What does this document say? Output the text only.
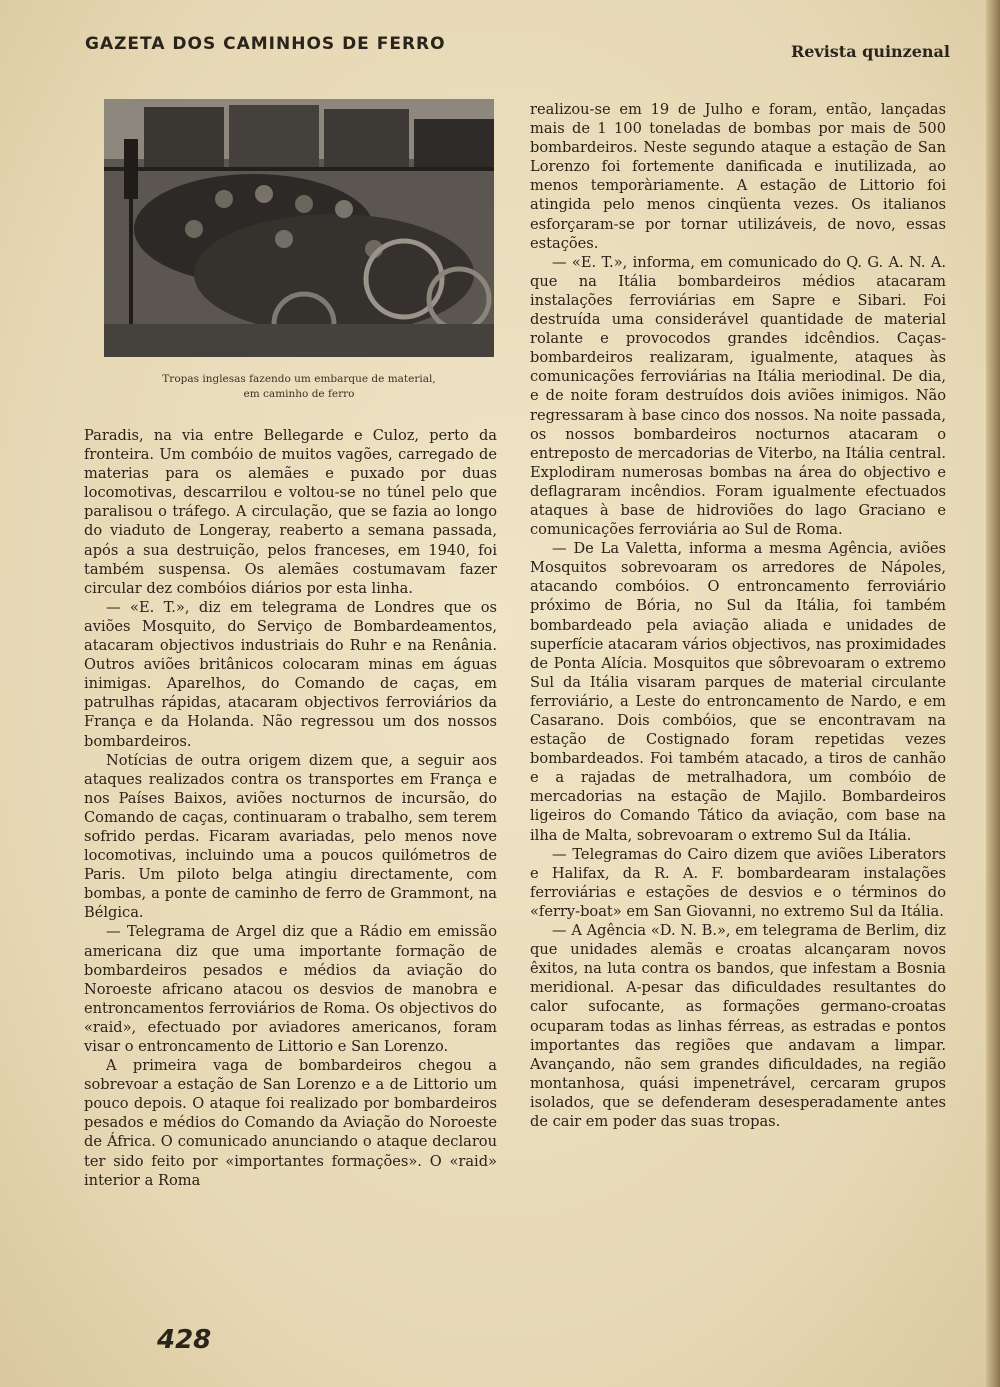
GAZETA DOS CAMINHOS DE FERRO	Revista quinzenal
Tropas inglesas fazendo um embarque de material,
em caminho de ferro

Paradis, na via entre Bellegarde e Culoz, perto da fronteira. Um combóio de muitos vagões, carregado de materias para os alemães e puxado por duas locomotivas, descarrilou e voltou-se no túnel pelo que paralisou o tráfego. A circulação, que se fazia ao longo do viaduto de Longeray, reaberto a semana passada, após a sua destruição, pelos franceses, em 1940, foi também suspensa. Os alemães costumavam fazer circular dez combóios diários por esta linha.

— «E. T.», diz em telegrama de Londres que os aviões Mosquito, do Serviço de Bombardeamentos, atacaram objectivos industriais do Ruhr e na Renânia. Outros aviões britânicos colocaram minas em águas inimigas. Aparelhos, do Comando de caças, em patrulhas rápidas, atacaram objectivos ferroviários da França e da Holanda. Não regressou um dos nossos bombardeiros.

Notícias de outra origem dizem que, a seguir aos ataques realizados contra os transportes em França e nos Países Baixos, aviões nocturnos de incursão, do Comando de caças, continuaram o trabalho, sem terem sofrido perdas. Ficaram avariadas, pelo menos nove locomotivas, incluindo uma a poucos quilómetros de Paris. Um piloto belga atingiu directamente, com bombas, a ponte de caminho de ferro de Grammont, na Bélgica.

— Telegrama de Argel diz que a Rádio em emissão americana diz que uma importante formação de bombardeiros pesados e médios da aviação do Noroeste africano atacou os desvios de manobra e entroncamentos ferroviários de Roma. Os objectivos do «raid», efectuado por aviadores americanos, foram visar o entroncamento de Littorio e San Lorenzo.

A primeira vaga de bombardeiros chegou a sobrevoar a estação de San Lorenzo e a de Littorio um pouco depois. O ataque foi realizado por bombardeiros pesados e médios do Comando da Aviação do Noroeste de África. O comunicado anunciando o ataque declarou ter sido feito por «importantes formações». O «raid» interior a Roma

realizou-se em 19 de Julho e foram, então, lançadas mais de 1 100 toneladas de bombas por mais de 500 bombardeiros. Neste segundo ataque a estação de San Lorenzo foi fortemente danificada e inutilizada, ao menos temporàriamente. A estação de Littorio foi atingida pelo menos cinqüenta vezes. Os italianos esforçaram-se por tornar utilizáveis, de novo, essas estações.

— «E. T.», informa, em comunicado do Q. G. A. N. A. que na Itália bombardeiros médios atacaram instalações ferroviárias em Sapre e Sibari. Foi destruída uma considerável quantidade de material rolante e provocodos grandes idcêndios. Caças-bombardeiros realizaram, igualmente, ataques às comunicações ferroviárias na Itália meriodinal. De dia, e de noite foram destruídos dois aviões inimigos. Não regressaram à base cinco dos nossos. Na noite passada, os nossos bombardeiros nocturnos atacaram o entreposto de mercadorias de Viterbo, na Itália central. Explodiram numerosas bombas na área do objectivo e deflagraram incêndios. Foram igualmente efectuados ataques à base de hidroviões do lago Graciano e comunicações ferroviária ao Sul de Roma.

— De La Valetta, informa a mesma Agência, aviões Mosquitos sobrevoaram os arredores de Nápoles, atacando combóios. O entroncamento ferroviário próximo de Bória, no Sul da Itália, foi também bombardeado pela aviação aliada e unidades de superfície atacaram vários objectivos, nas proximidades de Ponta Alícia. Mosquitos que sôbrevoaram o extremo Sul da Itália visaram parques de material circulante ferroviário, a Leste do entroncamento de Nardo, e em Casarano. Dois combóios, que se encontravam na estação de Costignado foram repetidas vezes bombardeados. Foi também atacado, a tiros de canhão e a rajadas de metralhadora, um combóio de mercadorias na estação de Majilo. Bombardeiros ligeiros do Comando Tático da aviação, com base na ilha de Malta, sobrevoaram o extremo Sul da Itália.

— Telegramas do Cairo dizem que aviões Liberators e Halifax, da R. A. F. bombardearam instalações ferroviárias e estações de desvios e o términos do «ferry-boat» em San Giovanni, no extremo Sul da Itália.

— A Agência «D. N. B.», em telegrama de Berlim, diz que unidades alemãs e croatas alcançaram novos êxitos, na luta contra os bandos, que infestam a Bosnia meridional. A-pesar das dificuldades resultantes do calor sufocante, as formações germano-croatas ocuparam todas as linhas férreas, as estradas e pontos importantes das regiões que andavam a limpar. Avançando, não sem grandes dificuldades, na região montanhosa, quási impenetrável, cercaram grupos isolados, que se defenderam desesperadamente antes de cair em poder das suas tropas.

428
